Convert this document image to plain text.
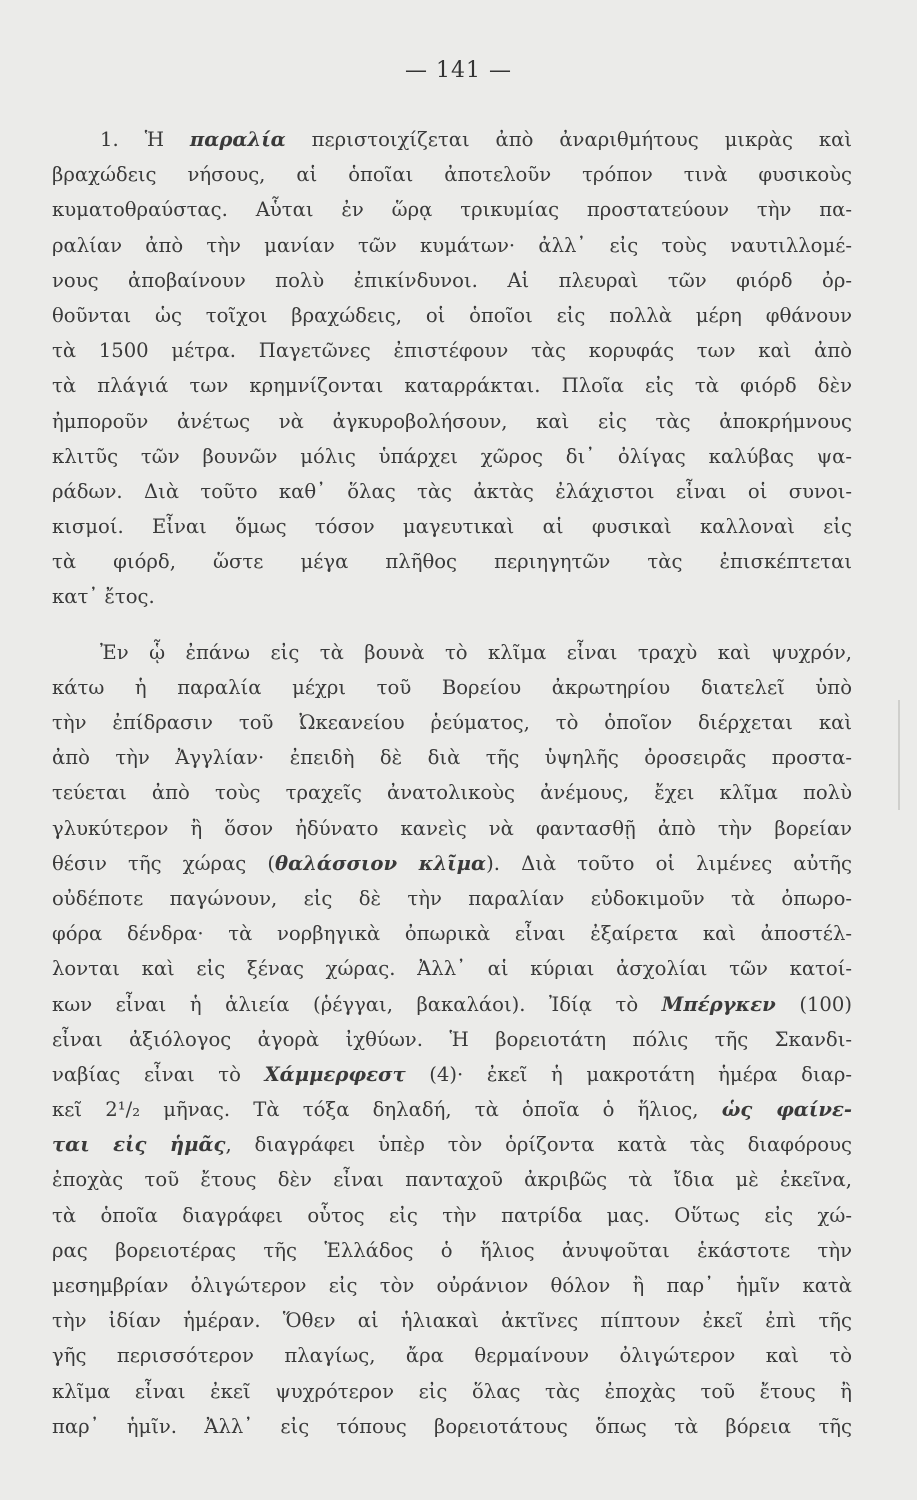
— 141 —
1. Ἡ παραλία περιστοιχίζεται ἀπὸ ἀναριθμήτους μικρὰς καὶ
βραχώδεις νήσους, αἱ ὁποῖαι ἀποτελοῦν τρόπον τινὰ φυσικοὺς
κυματοθραύστας. Αὗται ἐν ὥρᾳ τρικυμίας προστατεύουν τὴν πα-
ραλίαν ἀπὸ τὴν μανίαν τῶν κυμάτων· ἀλλ᾽ εἰς τοὺς ναυτιλλομέ-
νους ἀποβαίνουν πολὺ ἐπικίνδυνοι. Αἱ πλευραὶ τῶν φιόρδ ὀρ-
θοῦνται ὡς τοῖχοι βραχώδεις, οἱ ὁποῖοι εἰς πολλὰ μέρη φθάνουν
τὰ 1500 μέτρα. Παγετῶνες ἐπιστέφουν τὰς κορυφάς των καὶ ἀπὸ
τὰ πλάγιά των κρημνίζονται καταρράκται. Πλοῖα εἰς τὰ φιόρδ δὲν
ἠμποροῦν ἀνέτως νὰ ἀγκυροβολήσουν, καὶ εἰς τὰς ἀποκρήμνους
κλιτῦς τῶν βουνῶν μόλις ὑπάρχει χῶρος δι᾽ ὀλίγας καλύβας ψα-
ράδων. Διὰ τοῦτο καθ᾽ ὅλας τὰς ἀκτὰς ἐλάχιστοι εἶναι οἱ συνοι-
κισμοί. Εἶναι ὅμως τόσον μαγευτικαὶ αἱ φυσικαὶ καλλοναὶ εἰς
τὰ φιόρδ, ὥστε μέγα πλῆθος περιηγητῶν τὰς ἐπισκέπτεται
κατ᾽ ἔτος.
Ἐν ᾧ ἐπάνω εἰς τὰ βουνὰ τὸ κλῖμα εἶναι τραχὺ καὶ ψυχρόν,
κάτω ἡ παραλία μέχρι τοῦ Βορείου ἀκρωτηρίου διατελεῖ ὑπὸ
τὴν ἐπίδρασιν τοῦ Ὠκεανείου ῥεύματος, τὸ ὁποῖον διέρχεται καὶ
ἀπὸ τὴν Ἀγγλίαν· ἐπειδὴ δὲ διὰ τῆς ὑψηλῆς ὀροσειρᾶς προστα-
τεύεται ἀπὸ τοὺς τραχεῖς ἀνατολικοὺς ἀνέμους, ἔχει κλῖμα πολὺ
γλυκύτερον ἢ ὅσον ἠδύνατο κανεὶς νὰ φαντασθῇ ἀπὸ τὴν βορείαν
θέσιν τῆς χώρας (θαλάσσιον κλῖμα). Διὰ τοῦτο οἱ λιμένες αὐτῆς
οὐδέποτε παγώνουν, εἰς δὲ τὴν παραλίαν εὐδοκιμοῦν τὰ ὀπωρο-
φόρα δένδρα· τὰ νορβηγικὰ ὀπωρικὰ εἶναι ἐξαίρετα καὶ ἀποστέλ-
λονται καὶ εἰς ξένας χώρας. Ἀλλ᾽ αἱ κύριαι ἀσχολίαι τῶν κατοί-
κων εἶναι ἡ ἁλιεία (ῥέγγαι, βακαλάοι). Ἰδίᾳ τὸ Μπέργκεν (100)
εἶναι ἀξιόλογος ἀγορὰ ἰχθύων. Ἡ βορειοτάτη πόλις τῆς Σκανδι-
ναβίας εἶναι τὸ Χάμμερφεστ (4)· ἐκεῖ ἡ μακροτάτη ἡμέρα διαρ-
κεῖ 2¹/₂ μῆνας. Τὰ τόξα δηλαδή, τὰ ὁποῖα ὁ ἥλιος, ὡς φαίνε-
ται εἰς ἡμᾶς, διαγράφει ὑπὲρ τὸν ὁρίζοντα κατὰ τὰς διαφόρους
ἐποχὰς τοῦ ἔτους δὲν εἶναι πανταχοῦ ἀκριβῶς τὰ ἴδια μὲ ἐκεῖνα,
τὰ ὁποῖα διαγράφει οὗτος εἰς τὴν πατρίδα μας. Οὕτως εἰς χώ-
ρας βορειοτέρας τῆς Ἑλλάδος ὁ ἥλιος ἀνυψοῦται ἑκάστοτε τὴν
μεσημβρίαν ὀλιγώτερον εἰς τὸν οὐράνιον θόλον ἢ παρ᾽ ἡμῖν κατὰ
τὴν ἰδίαν ἡμέραν. Ὅθεν αἱ ἡλιακαὶ ἀκτῖνες πίπτουν ἐκεῖ ἐπὶ τῆς
γῆς περισσότερον πλαγίως, ἄρα θερμαίνουν ὀλιγώτερον καὶ τὸ
κλῖμα εἶναι ἐκεῖ ψυχρότερον εἰς ὅλας τὰς ἐποχὰς τοῦ ἔτους ἢ
παρ᾽ ἡμῖν. Ἀλλ᾽ εἰς τόπους βορειοτάτους ὅπως τὰ βόρεια τῆς
